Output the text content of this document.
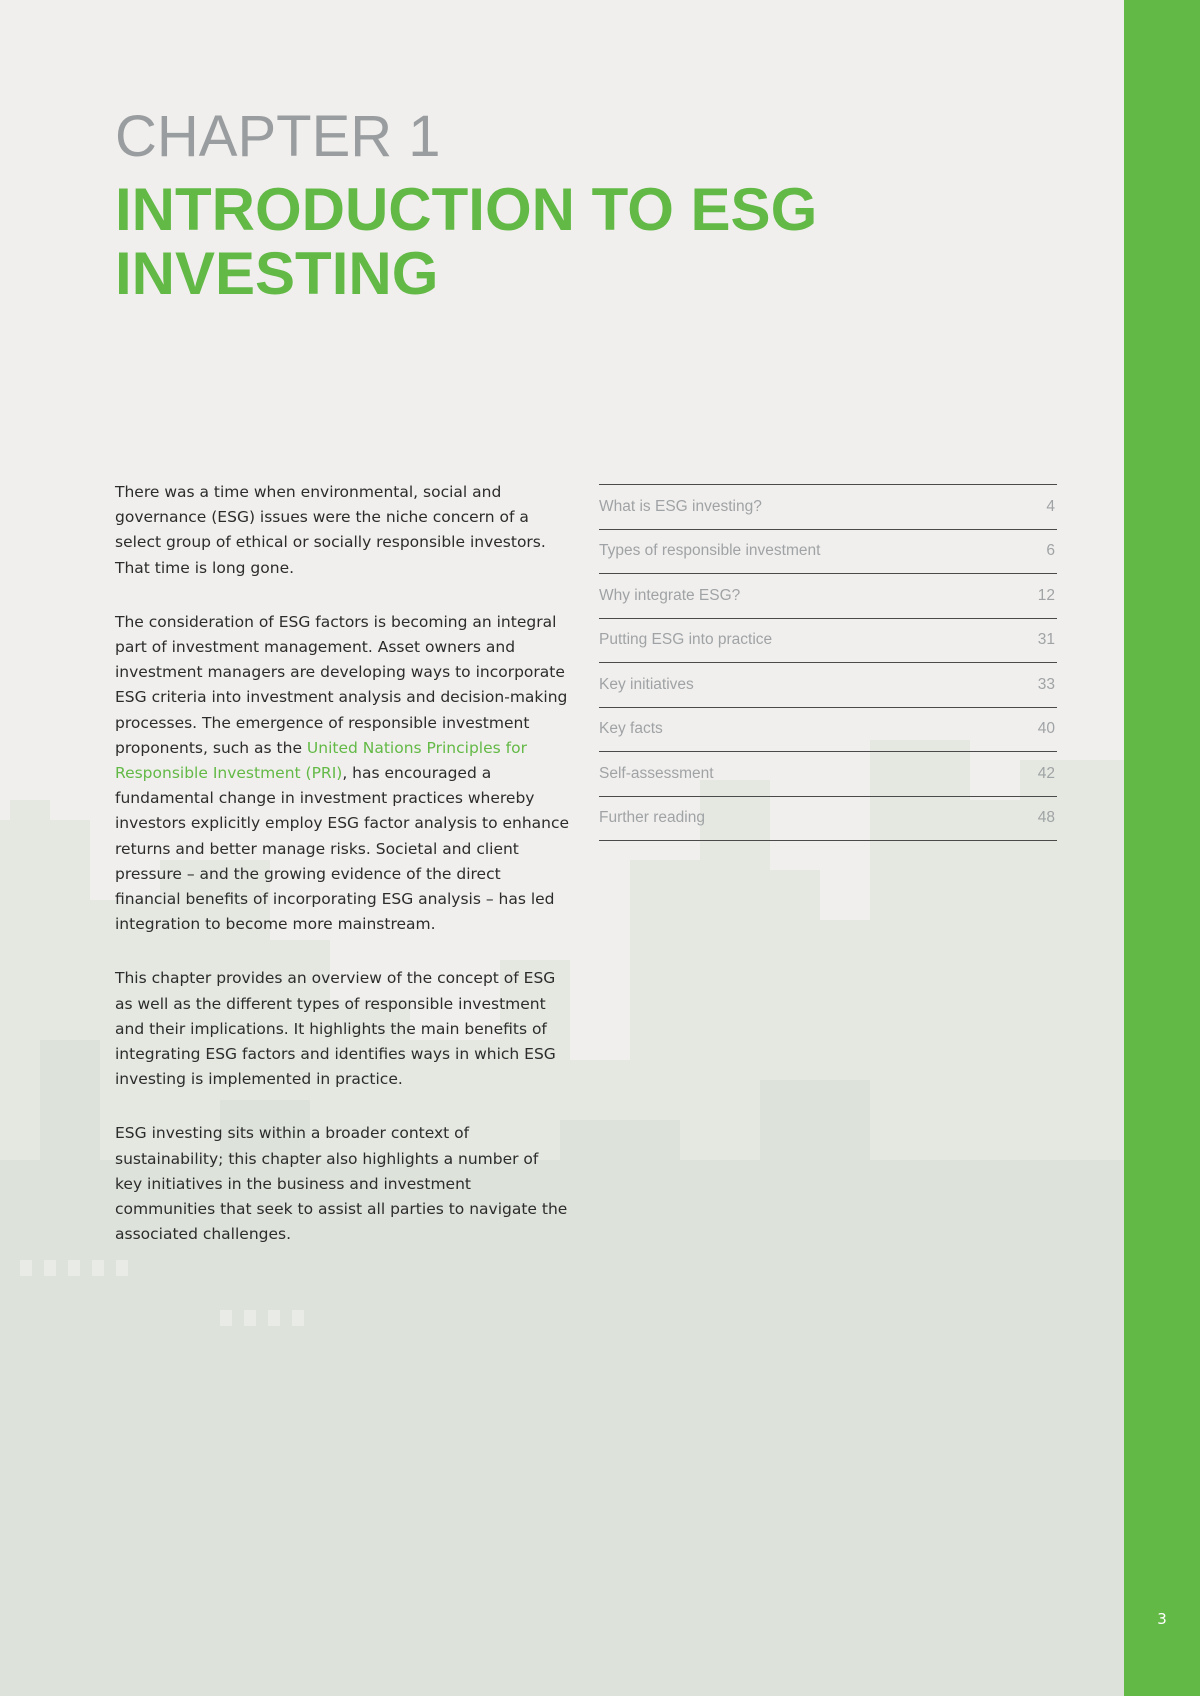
CHAPTER 1
INTRODUCTION TO ESG
INVESTING

There was a time when environmental, social and governance (ESG) issues were the niche concern of a select group of ethical or socially responsible investors. That time is long gone.

The consideration of ESG factors is becoming an integral part of investment management. Asset owners and investment managers are developing ways to incorporate ESG criteria into investment analysis and decision-making processes. The emergence of responsible investment proponents, such as the United Nations Principles for Responsible Investment (PRI), has encouraged a fundamental change in investment practices whereby investors explicitly employ ESG factor analysis to enhance returns and better manage risks. Societal and client pressure – and the growing evidence of the direct financial benefits of incorporating ESG analysis – has led integration to become more mainstream.

This chapter provides an overview of the concept of ESG as well as the different types of responsible investment and their implications. It highlights the main benefits of integrating ESG factors and identifies ways in which ESG investing is implemented in practice.

ESG investing sits within a broader context of sustainability; this chapter also highlights a number of key initiatives in the business and investment communities that seek to assist all parties to navigate the associated challenges.

What is ESG investing?	4
Types of responsible investment	6
Why integrate ESG?	12
Putting ESG into practice	31
Key initiatives	33
Key facts	40
Self-assessment	42
Further reading	48
3
